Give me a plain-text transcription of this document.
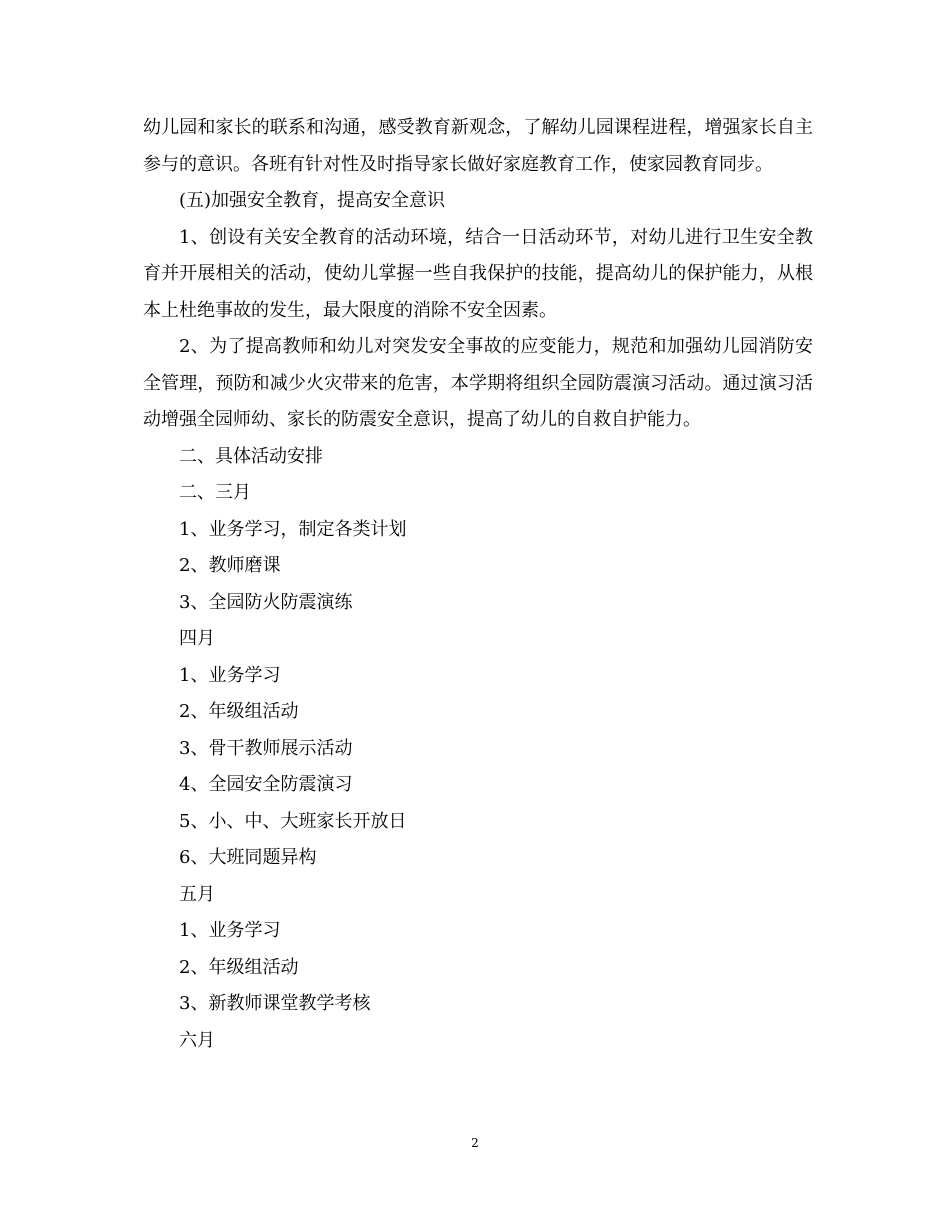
幼儿园和家长的联系和沟通，感受教育新观念，了解幼儿园课程进程，增强家长自主参与的意识。各班有针对性及时指导家长做好家庭教育工作，使家园教育同步。

(五)加强安全教育，提高安全意识

1、创设有关安全教育的活动环境，结合一日活动环节，对幼儿进行卫生安全教育并开展相关的活动，使幼儿掌握一些自我保护的技能，提高幼儿的保护能力，从根本上杜绝事故的发生，最大限度的消除不安全因素。

2、为了提高教师和幼儿对突发安全事故的应变能力，规范和加强幼儿园消防安全管理，预防和减少火灾带来的危害，本学期将组织全园防震演习活动。通过演习活动增强全园师幼、家长的防震安全意识，提高了幼儿的自救自护能力。

二、具体活动安排

二、三月

1、业务学习，制定各类计划

2、教师磨课

3、全园防火防震演练

四月

1、业务学习

2、年级组活动

3、骨干教师展示活动

4、全园安全防震演习

5、小、中、大班家长开放日

6、大班同题异构

五月

1、业务学习

2、年级组活动

3、新教师课堂教学考核

六月

2
